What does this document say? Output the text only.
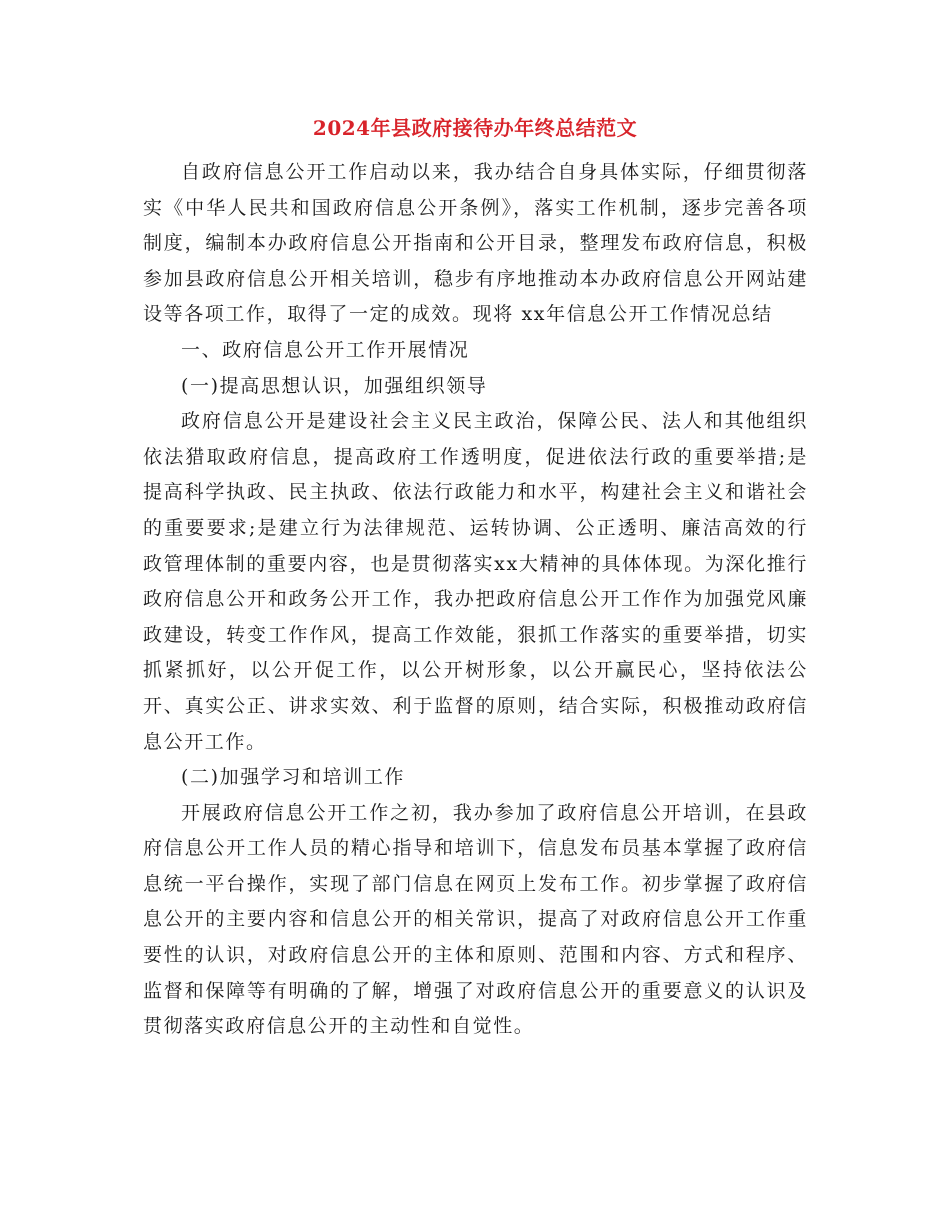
2024年县政府接待办年终总结范文

自政府信息公开工作启动以来，我办结合自身具体实际，仔细贯彻落实《中华人民共和国政府信息公开条例》，落实工作机制，逐步完善各项制度，编制本办政府信息公开指南和公开目录，整理发布政府信息，积极参加县政府信息公开相关培训，稳步有序地推动本办政府信息公开网站建设等各项工作，取得了一定的成效。现将 xx年信息公开工作情况总结

一、政府信息公开工作开展情况

(一)提高思想认识，加强组织领导

政府信息公开是建设社会主义民主政治，保障公民、法人和其他组织依法猎取政府信息，提高政府工作透明度，促进依法行政的重要举措;是提高科学执政、民主执政、依法行政能力和水平，构建社会主义和谐社会的重要要求;是建立行为法律规范、运转协调、公正透明、廉洁高效的行政管理体制的重要内容，也是贯彻落实xx大精神的具体体现。为深化推行政府信息公开和政务公开工作，我办把政府信息公开工作作为加强党风廉政建设，转变工作作风，提高工作效能，狠抓工作落实的重要举措，切实抓紧抓好，以公开促工作，以公开树形象，以公开赢民心，坚持依法公开、真实公正、讲求实效、利于监督的原则，结合实际，积极推动政府信息公开工作。

(二)加强学习和培训工作

开展政府信息公开工作之初，我办参加了政府信息公开培训，在县政府信息公开工作人员的精心指导和培训下，信息发布员基本掌握了政府信息统一平台操作，实现了部门信息在网页上发布工作。初步掌握了政府信息公开的主要内容和信息公开的相关常识，提高了对政府信息公开工作重要性的认识，对政府信息公开的主体和原则、范围和内容、方式和程序、监督和保障等有明确的了解，增强了对政府信息公开的重要意义的认识及贯彻落实政府信息公开的主动性和自觉性。
